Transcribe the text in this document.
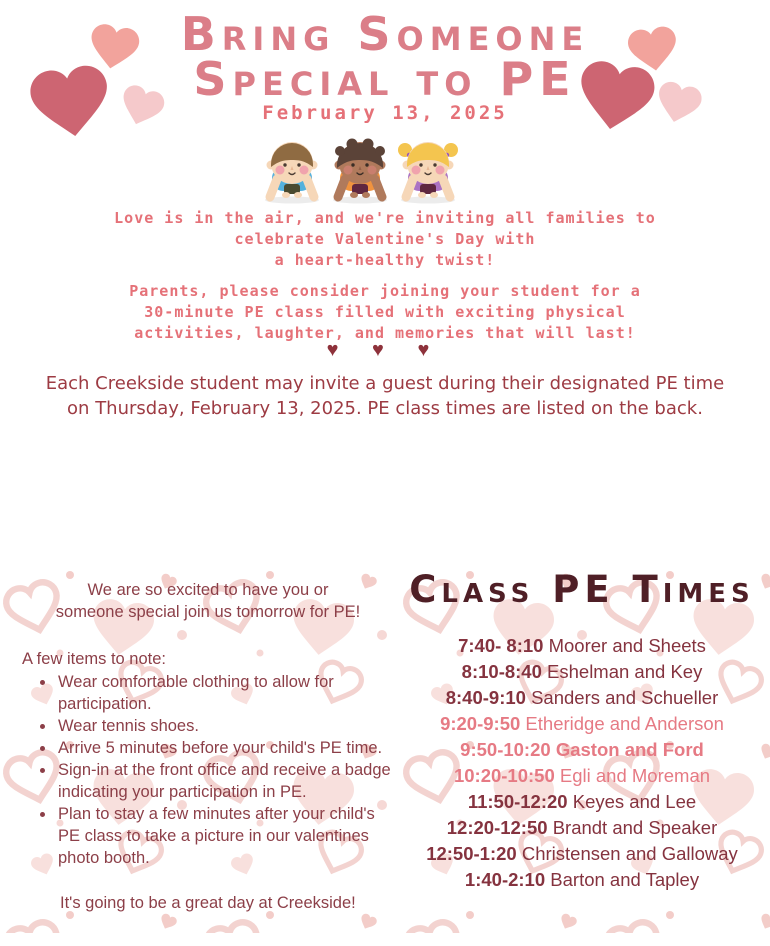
Bring Someone
Special to PE
February 13, 2025
Love is in the air, and we're inviting all families to
celebrate Valentine's Day with
a heart-healthy twist!
Parents, please consider joining your student for a
30-minute PE class filled with exciting physical
activities, laughter, and memories that will last!
♥ ♥ ♥
Each Creekside student may invite a guest during their designated PE time
on Thursday, February 13, 2025. PE class times are listed on the back.

We are so excited to have you or
someone special join us tomorrow for PE!

A few items to note:

• Wear comfortable clothing to allow for participation.
• Wear tennis shoes.
• Arrive 5 minutes before your child's PE time.
• Sign-in at the front office and receive a badge indicating your participation in PE.
• Plan to stay a few minutes after your child's PE class to take a picture in our valentines photo booth.

It's going to be a great day at Creekside!

Class PE Times
7:40- 8:10 Moorer and Sheets
8:10-8:40 Eshelman and Key
8:40-9:10 Sanders and Schueller
9:20-9:50 Etheridge and Anderson
9:50-10:20 Gaston and Ford
10:20-10:50 Egli and Moreman
11:50-12:20 Keyes and Lee
12:20-12:50 Brandt and Speaker
12:50-1:20 Christensen and Galloway
1:40-2:10 Barton and Tapley
